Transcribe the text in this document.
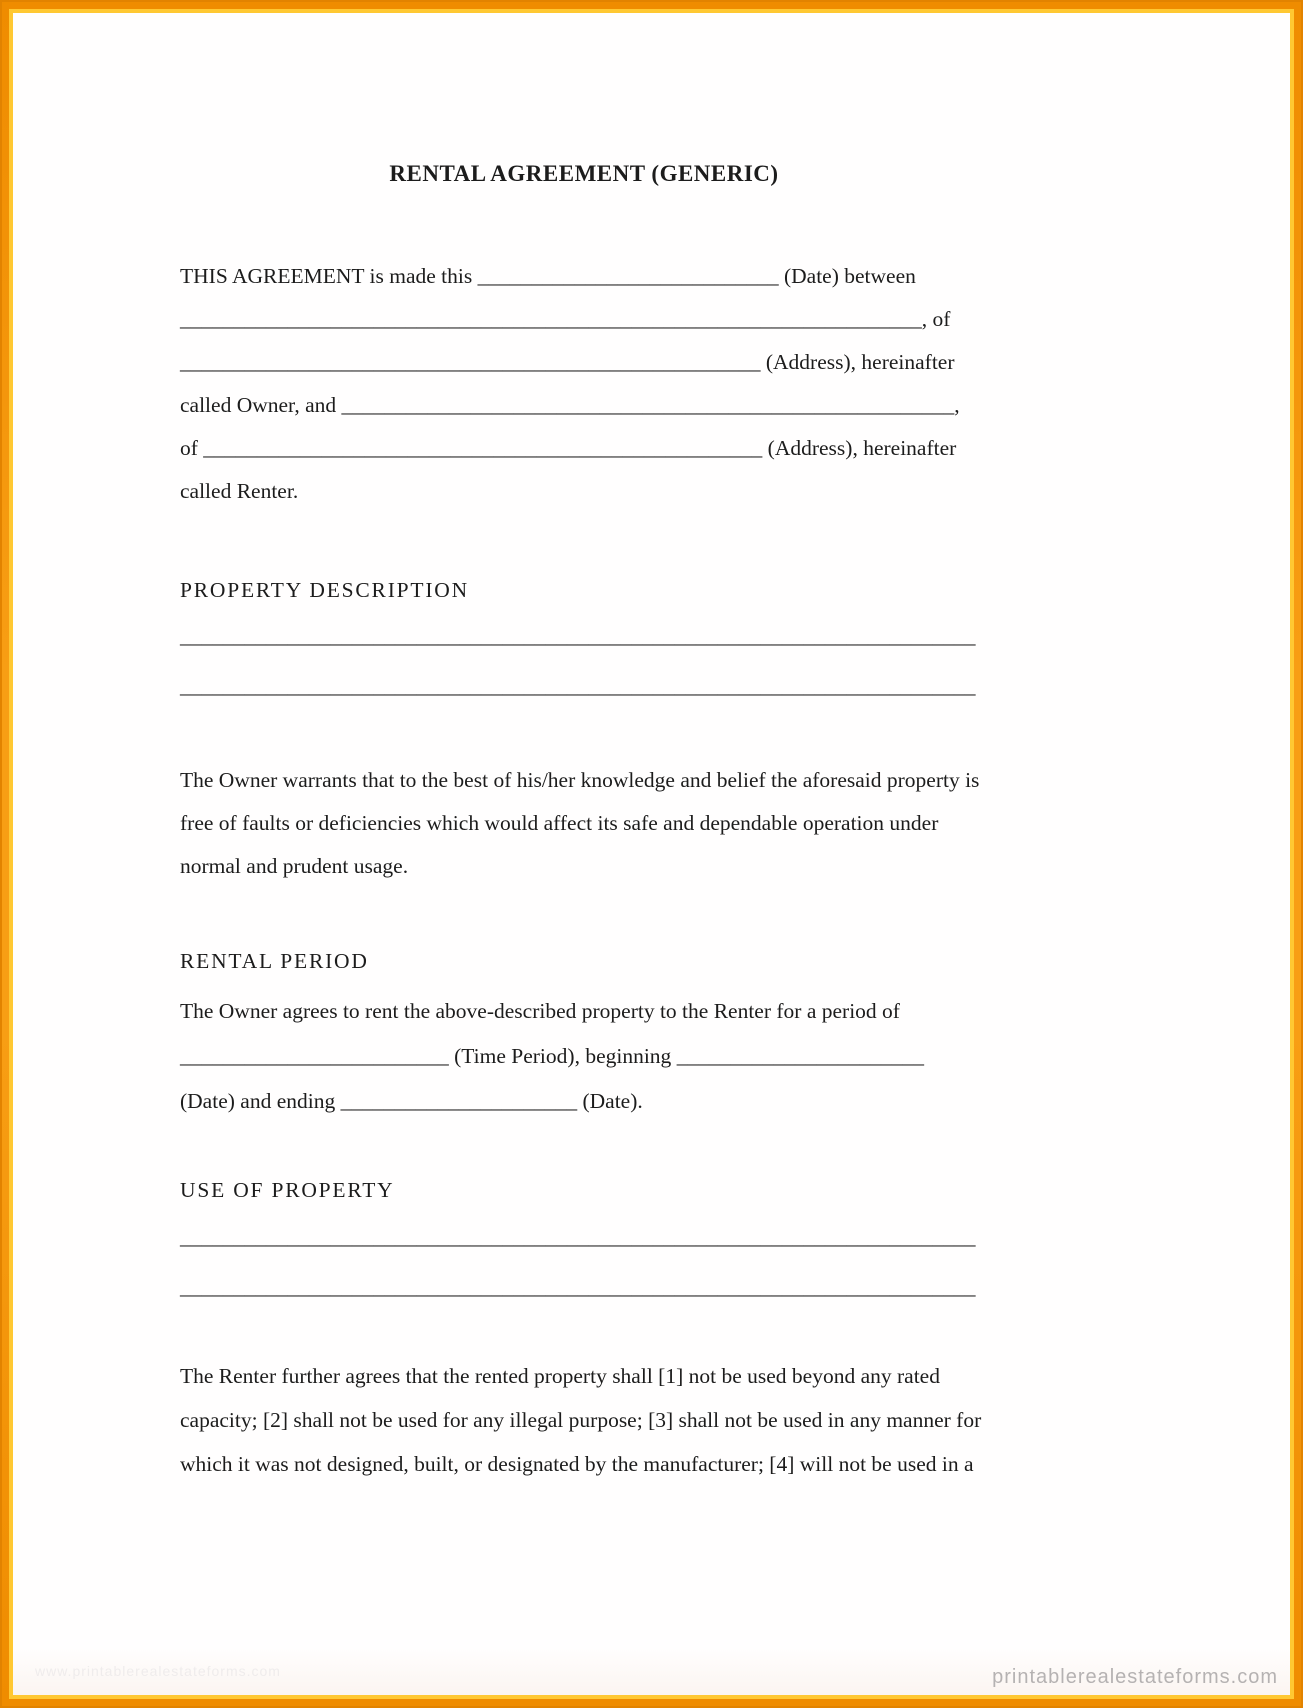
RENTAL AGREEMENT (GENERIC)
THIS AGREEMENT is made this ____________________________ (Date) between
_____________________________________________________________________, of
______________________________________________________ (Address), hereinafter
called Owner, and _________________________________________________________,
of ____________________________________________________ (Address), hereinafter
called Renter.
PROPERTY DESCRIPTION
__________________________________________________________________________
__________________________________________________________________________
The Owner warrants that to the best of his/her knowledge and belief the aforesaid property is
free of faults or deficiencies which would affect its safe and dependable operation under
normal and prudent usage.
RENTAL PERIOD
The Owner agrees to rent the above-described property to the Renter for a period of
_________________________ (Time Period), beginning _______________________
(Date) and ending ______________________ (Date).
USE OF PROPERTY
__________________________________________________________________________
__________________________________________________________________________
The Renter further agrees that the rented property shall [1] not be used beyond any rated
capacity; [2] shall not be used for any illegal purpose; [3] shall not be used in any manner for
which it was not designed, built, or designated by the manufacturer; [4] will not be used in a
www.printablerealestateforms.com	printablerealestateforms.com
